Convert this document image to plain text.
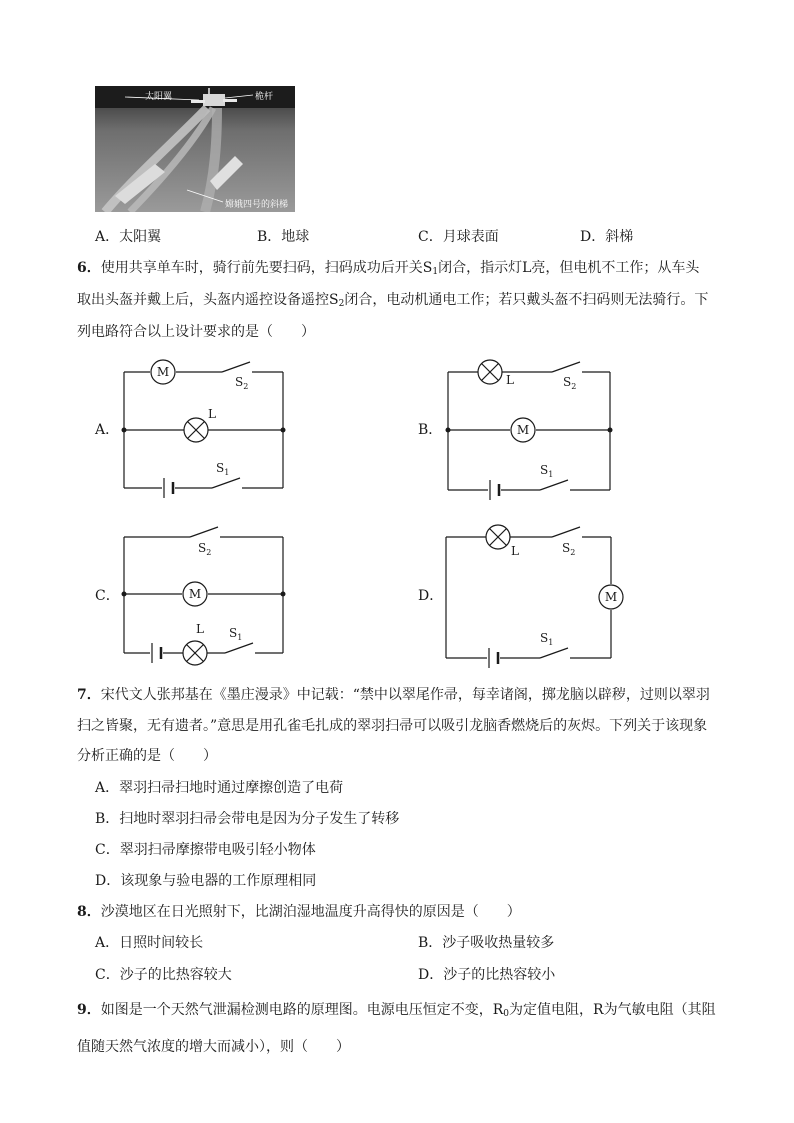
太阳翼	桅杆
嫦娥四号的斜梯
A．太阳翼	B．地球	C．月球表面	D．斜梯
6．使用共享单车时，骑行前先要扫码，扫码成功后开关$S_1$闭合，指示灯L亮，但电机不工作；从车头
取出头盔并戴上后，头盔内遥控设备遥控$S_2$闭合，电动机通电工作；若只戴头盔不扫码则无法骑行。下
列电路符合以上设计要求的是（　　）
M
M
M	M
L
L
L
L
$S_2$
$S_1$
$S_2$
$S_1$
$S_2$
$S_1$
$S_2$
$S_1$
A．	B．
C．	D．
7．宋代文人张邦基在《墨庄漫录》中记载：“禁中以翠尾作帚，每幸诸阁，掷龙脑以辟秽，过则以翠羽
扫之皆聚，无有遗者。”意思是用孔雀毛扎成的翠羽扫帚可以吸引龙脑香燃烧后的灰烬。下列关于该现象
分析正确的是（　　）
A．翠羽扫帚扫地时通过摩擦创造了电荷
B．扫地时翠羽扫帚会带电是因为分子发生了转移
C．翠羽扫帚摩擦带电吸引轻小物体
D．该现象与验电器的工作原理相同
8．沙漠地区在日光照射下，比湖泊湿地温度升高得快的原因是（　　）
A．日照时间较长	B．沙子吸收热量较多
C．沙子的比热容较大	D．沙子的比热容较小
9．如图是一个天然气泄漏检测电路的原理图。电源电压恒定不变，$R_0$为定值电阻，R为气敏电阻（其阻
值随天然气浓度的增大而减小），则（　　）
